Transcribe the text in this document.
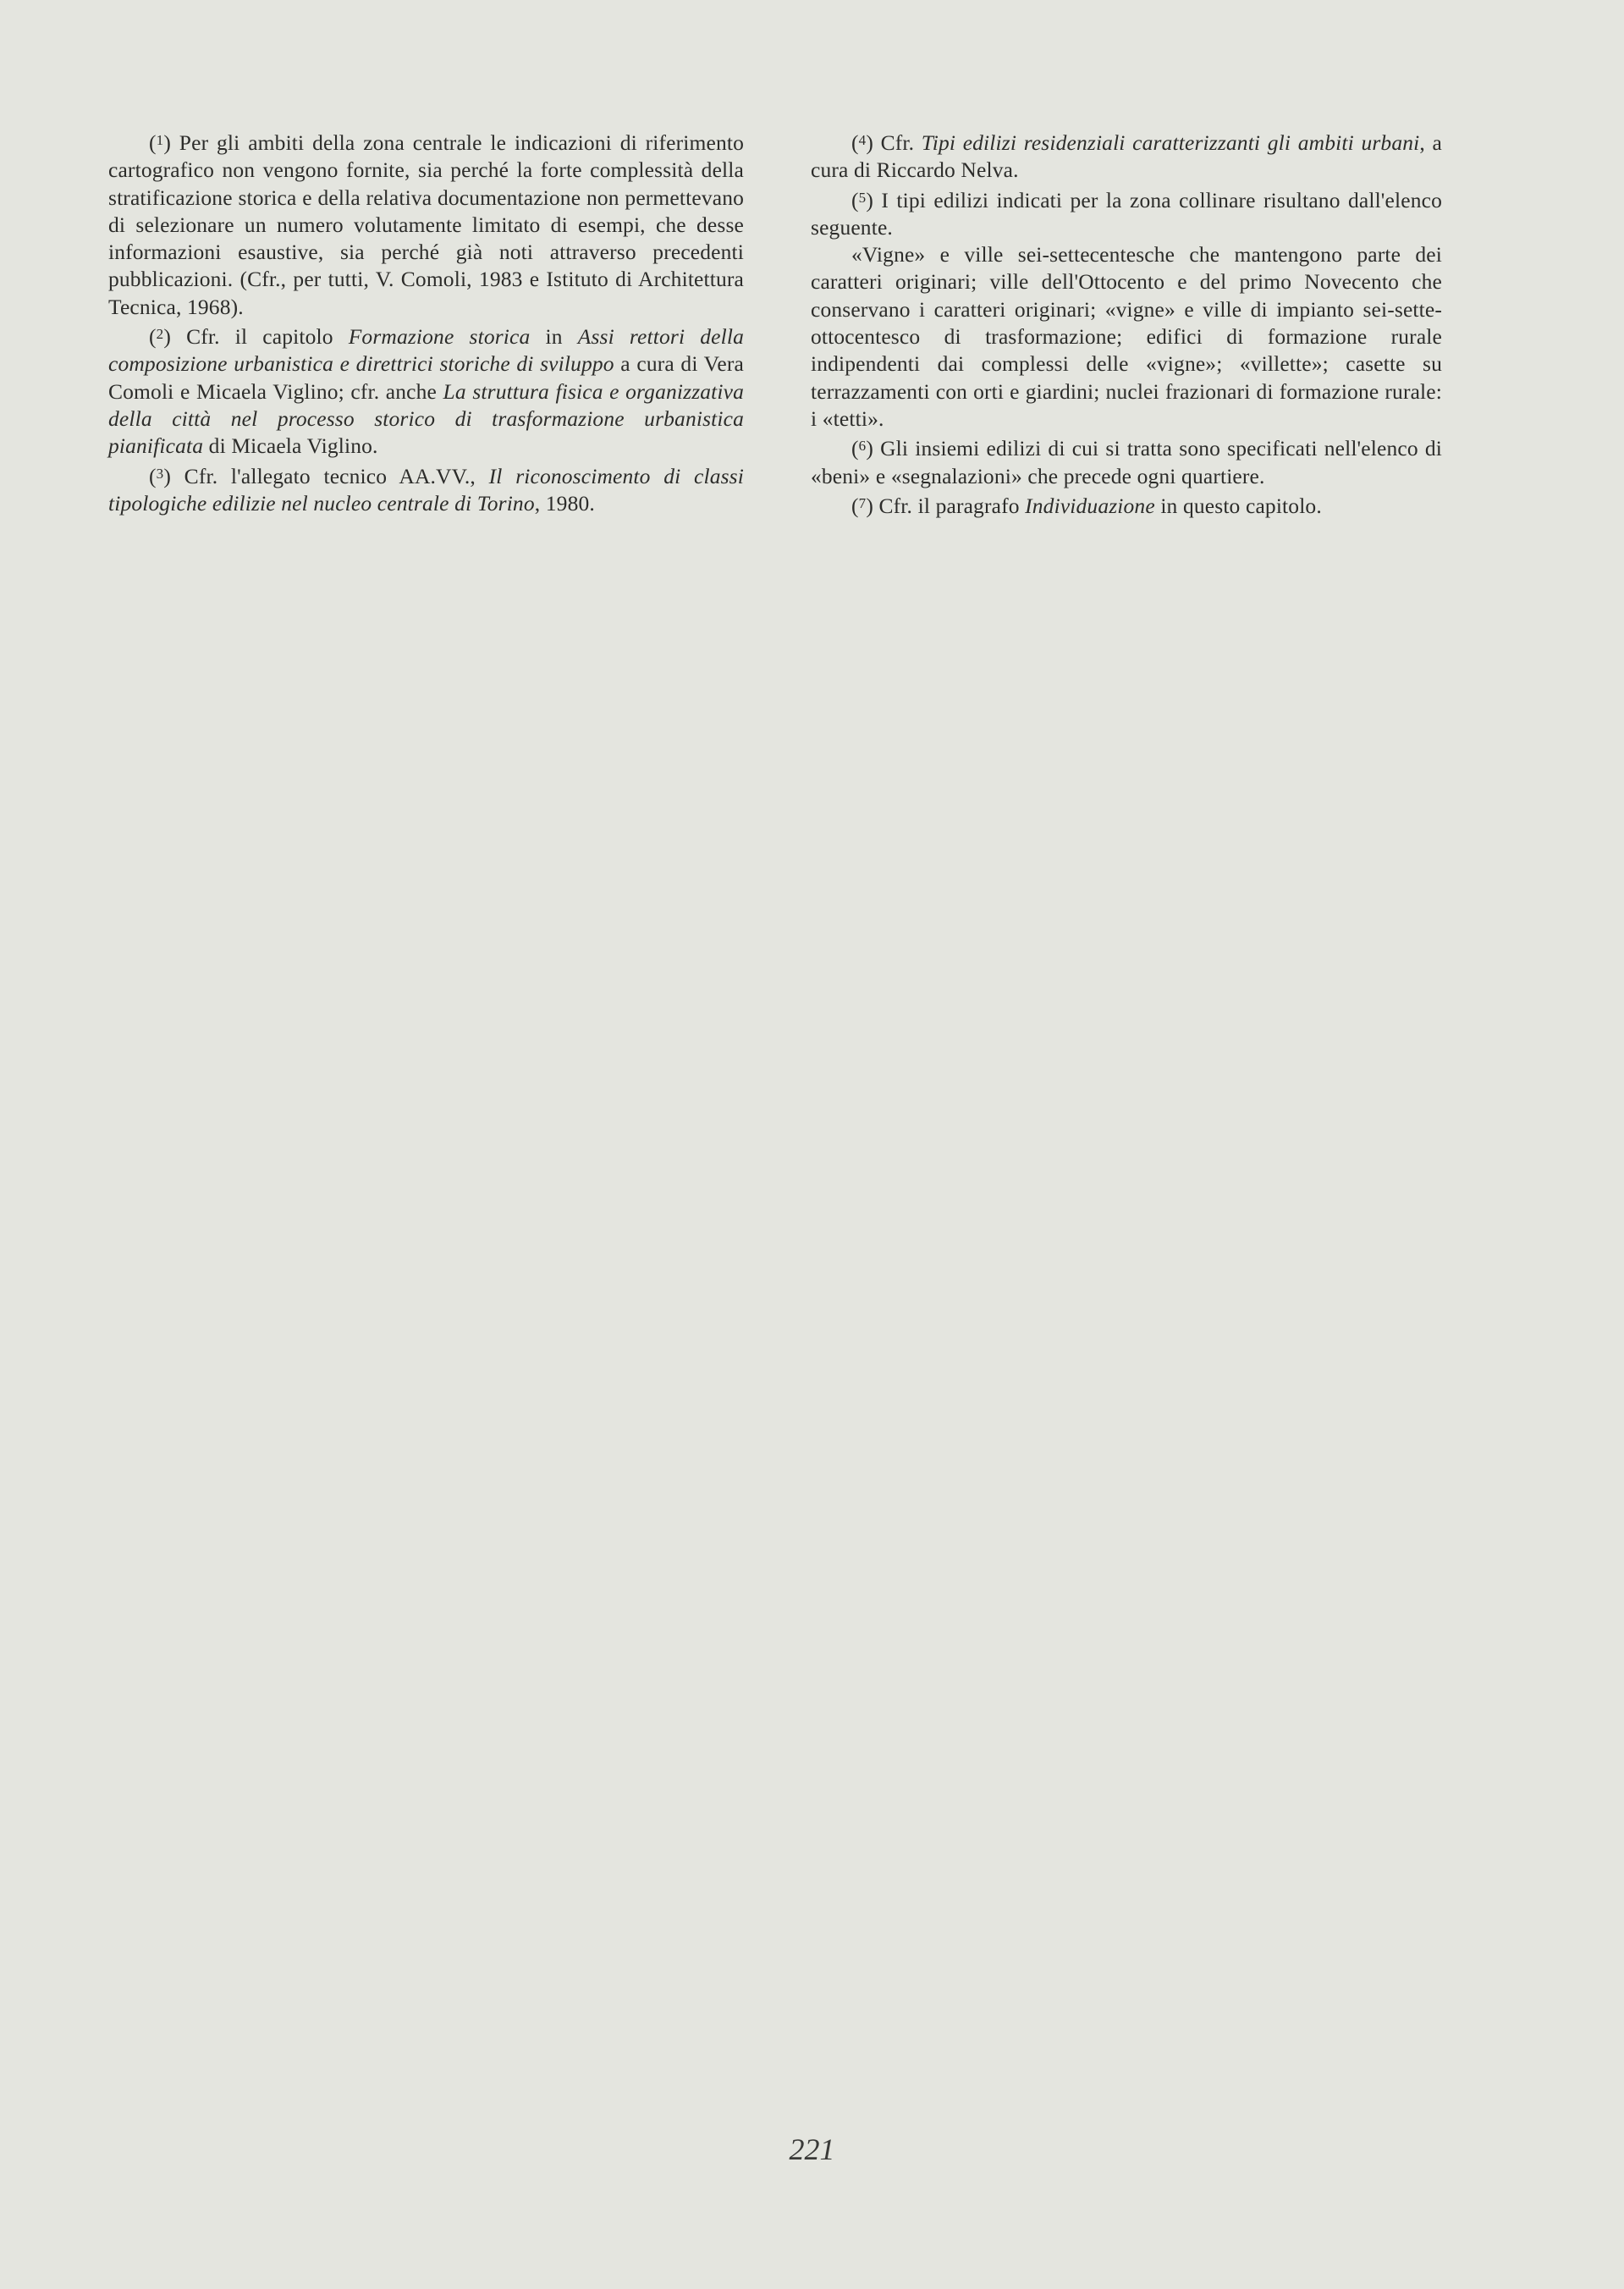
($^1$) Per gli ambiti della zona centrale le indicazioni di riferimento cartografico non vengono fornite, sia perché la forte complessità della stratificazione storica e della relativa documentazione non permettevano di selezionare un numero volutamente limitato di esempi, che desse informazioni esaustive, sia perché già noti attraverso precedenti pubblicazioni. (Cfr., per tutti, V. Comoli, 1983 e Istituto di Architettura Tecnica, 1968).

($^2$) Cfr. il capitolo Formazione storica in Assi rettori della composizione urbanistica e direttrici storiche di sviluppo a cura di Vera Comoli e Micaela Viglino; cfr. anche La struttura fisica e organizzativa della città nel processo storico di trasformazione urbanistica pianificata di Micaela Viglino.

($^3$) Cfr. l'allegato tecnico AA.VV., Il riconoscimento di classi tipologiche edilizie nel nucleo centrale di Torino, 1980.

($^4$) Cfr. Tipi edilizi residenziali caratterizzanti gli ambiti urbani, a cura di Riccardo Nelva.

($^5$) I tipi edilizi indicati per la zona collinare risultano dall'elenco seguente.

«Vigne» e ville sei-settecentesche che mantengono parte dei caratteri originari; ville dell'Ottocento e del primo Novecento che conservano i caratteri originari; «vigne» e ville di impianto sei-sette-ottocentesco di trasformazione; edifici di formazione rurale indipendenti dai complessi delle «vigne»; «villette»; casette su terrazzamenti con orti e giardini; nuclei frazionari di formazione rurale: i «tetti».

($^6$) Gli insiemi edilizi di cui si tratta sono specificati nell'elenco di «beni» e «segnalazioni» che precede ogni quartiere.

($^7$) Cfr. il paragrafo Individuazione in questo capitolo.

221
